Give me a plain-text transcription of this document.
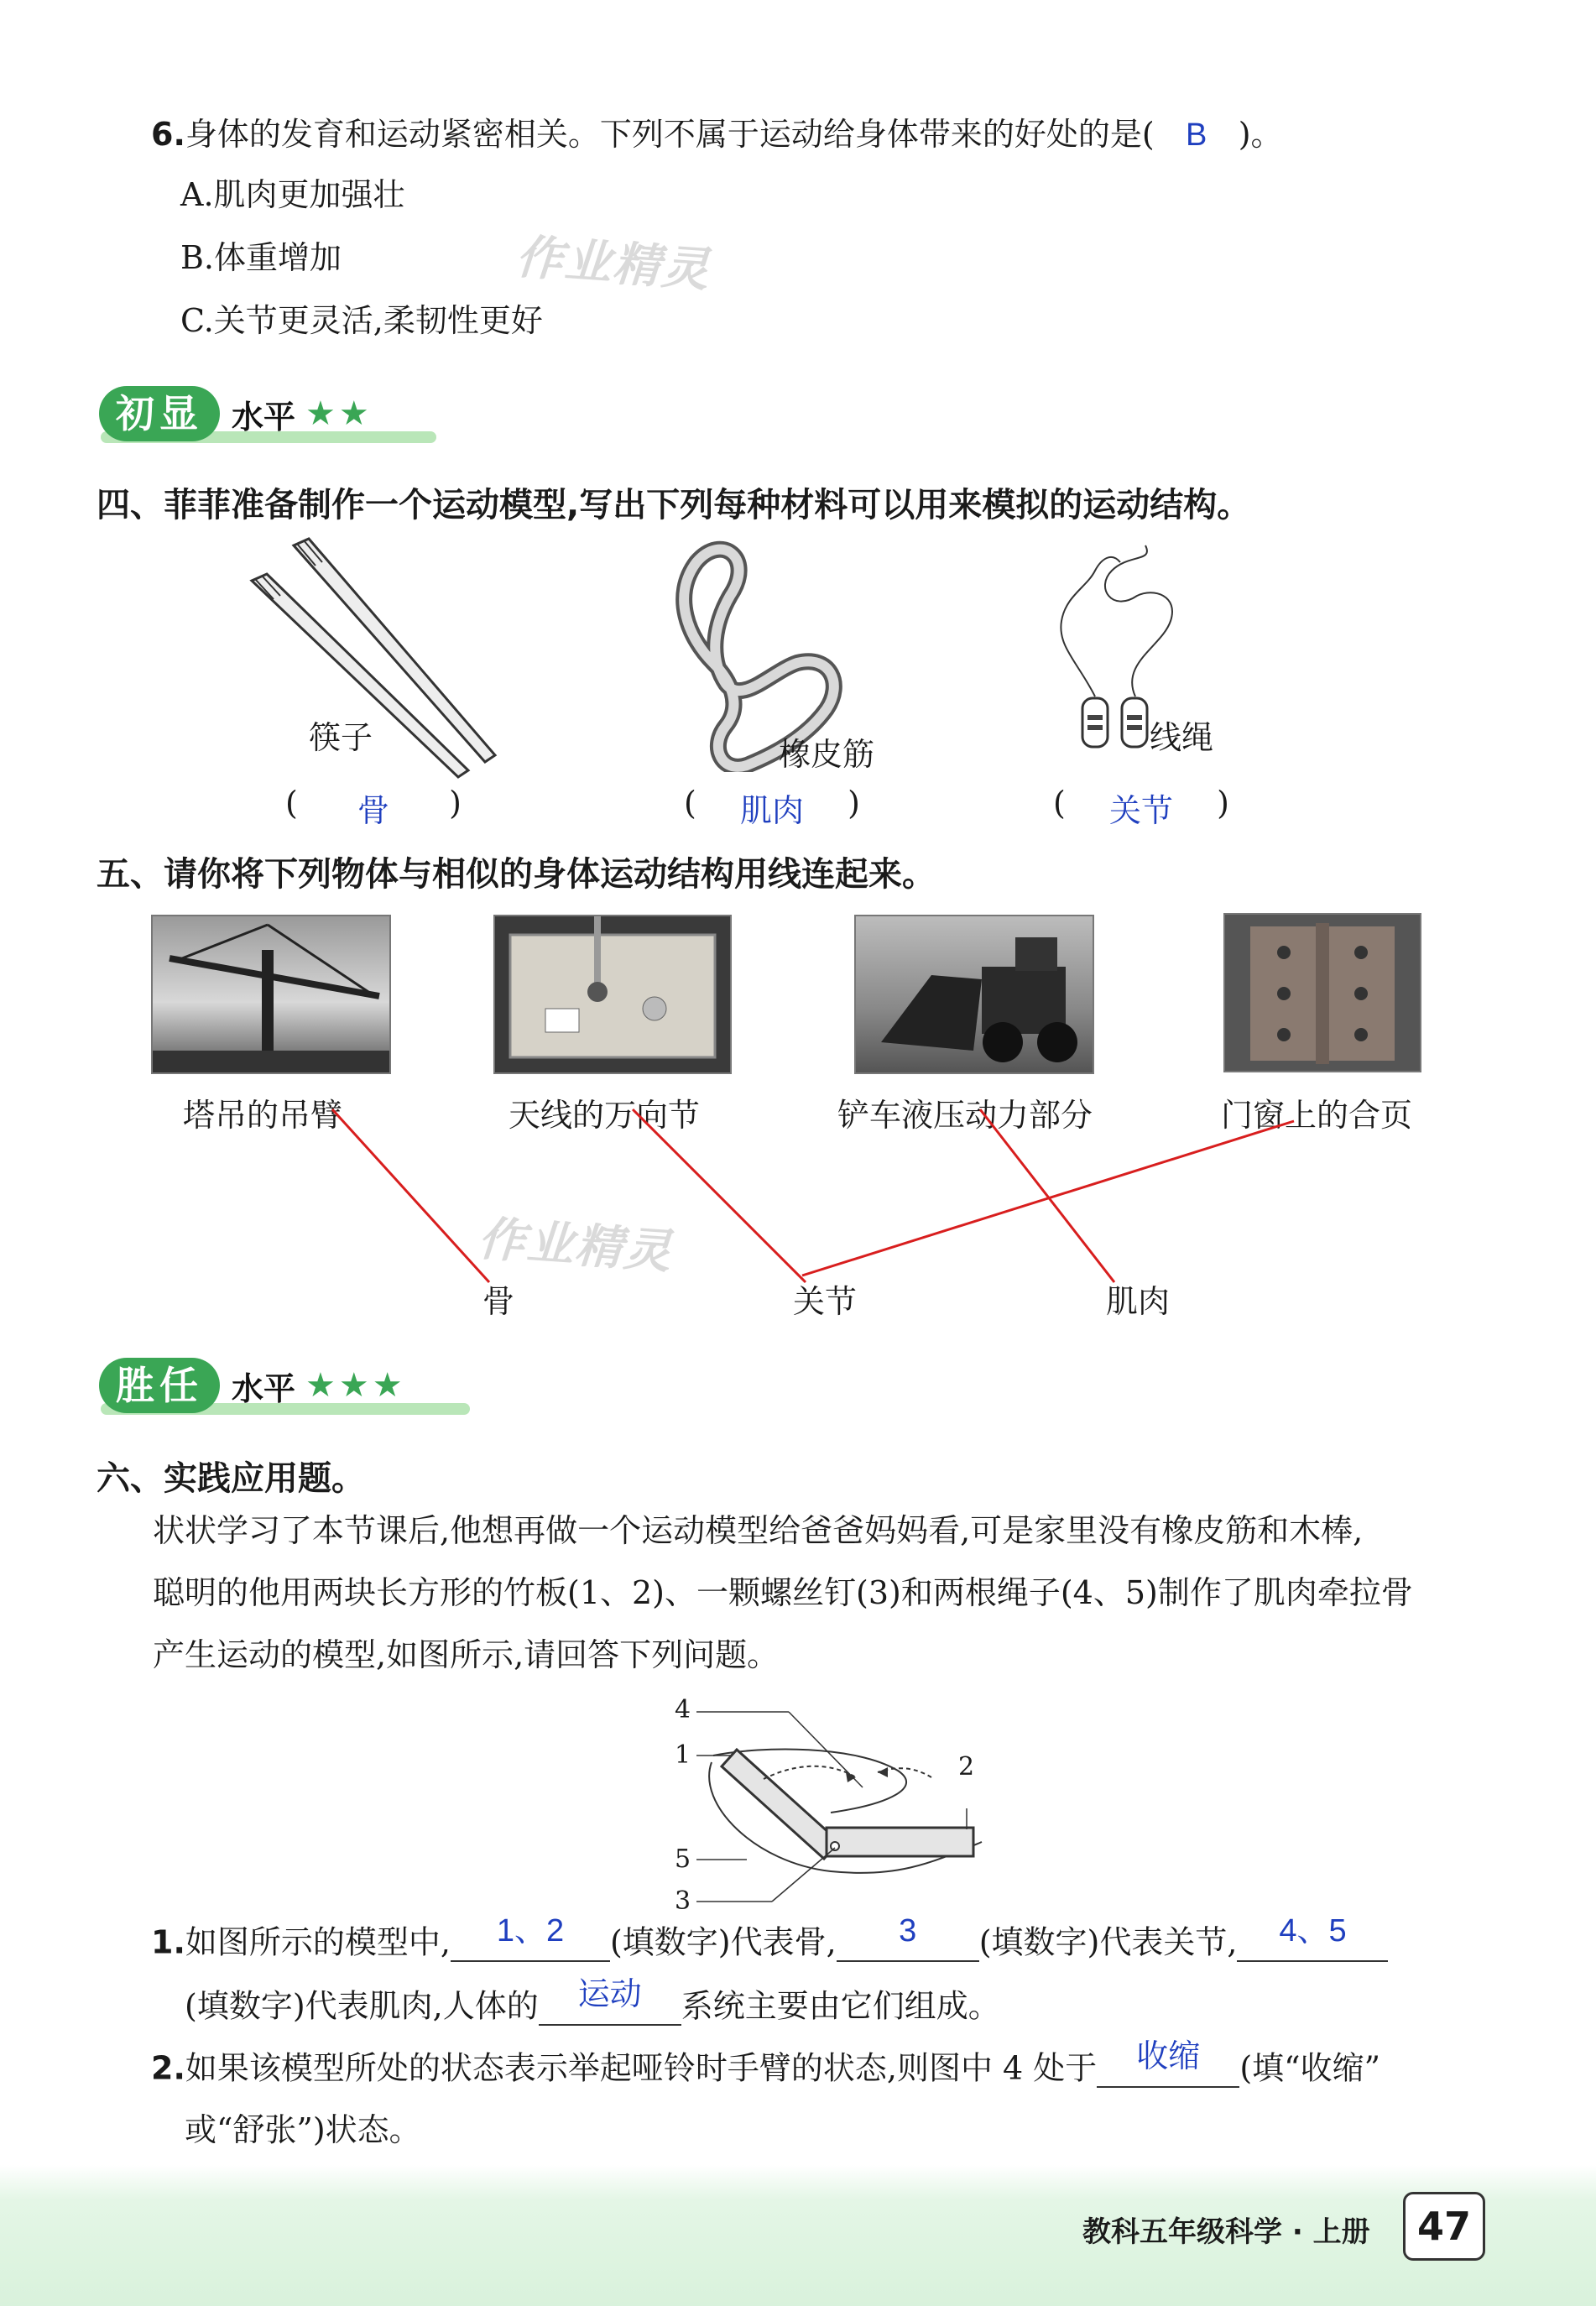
6.身体的发育和运动紧密相关。下列不属于运动给身体带来的好处的是( B )。
A.肌肉更加强壮
B.体重增加
C.关节更灵活,柔韧性更好
作业精灵
初显 水平 ★★
四、菲菲准备制作一个运动模型,写出下列每种材料可以用来模拟的运动结构。
筷子	橡皮筋	线绳
( 骨 )	( 肌肉 )	( 关节 )
五、请你将下列物体与相似的身体运动结构用线连起来。
塔吊的吊臂	天线的万向节	铲车液压动力部分	门窗上的合页
作业精灵
骨	关节	肌肉
胜任 水平 ★★★
六、实践应用题。
状状学习了本节课后,他想再做一个运动模型给爸爸妈妈看,可是家里没有橡皮筋和木棒,
聪明的他用两块长方形的竹板(1、2)、一颗螺丝钉(3)和两根绳子(4、5)制作了肌肉牵拉骨
产生运动的模型,如图所示,请回答下列问题。
4
1	2
5
3
1.如图所示的模型中, 1、2 (填数字)代表骨, 3 (填数字)代表关节, 4、5
(填数字)代表肌肉,人体的 运动 系统主要由它们组成。
2.如果该模型所处的状态表示举起哑铃时手臂的状态,则图中 4 处于 收缩 (填“收缩”
或“舒张”)状态。
教科五年级科学 · 上册	47
